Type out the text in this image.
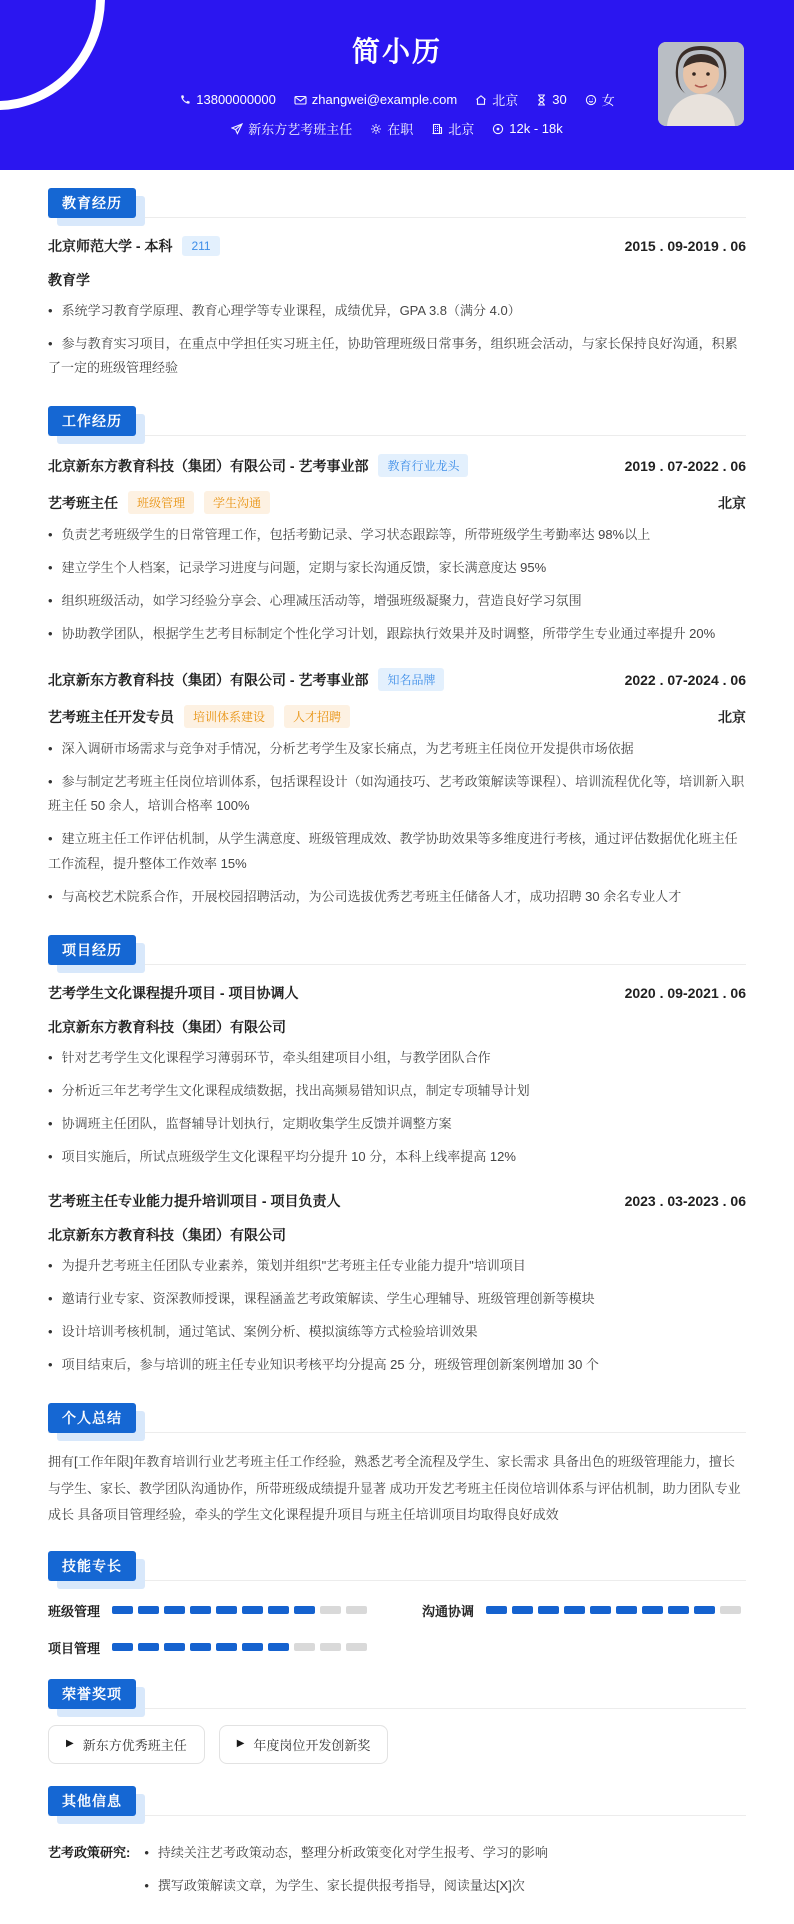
简小历
13800000000	zhangwei@example.com	北京	30	女
新东方艺考班主任	在职	北京	12k - 18k
教育经历
北京师范大学 - 本科	211	2015 . 09-2019 . 06
教育学
• 系统学习教育学原理、教育心理学等专业课程，成绩优异，GPA 3.8（满分 4.0）
• 参与教育实习项目，在重点中学担任实习班主任，协助管理班级日常事务，组织班会活动，与家长保持良好沟通，积累了一定的班级管理经验
工作经历
北京新东方教育科技（集团）有限公司 - 艺考事业部	教育行业龙头	2019 . 07-2022 . 06
艺考班主任	班级管理	学生沟通	北京
• 负责艺考班级学生的日常管理工作，包括考勤记录、学习状态跟踪等，所带班级学生考勤率达 98%以上
• 建立学生个人档案，记录学习进度与问题，定期与家长沟通反馈，家长满意度达 95%
• 组织班级活动，如学习经验分享会、心理减压活动等，增强班级凝聚力，营造良好学习氛围
• 协助教学团队，根据学生艺考目标制定个性化学习计划，跟踪执行效果并及时调整，所带学生专业通过率提升 20%
北京新东方教育科技（集团）有限公司 - 艺考事业部	知名品牌	2022 . 07-2024 . 06
艺考班主任开发专员	培训体系建设	人才招聘	北京
• 深入调研市场需求与竞争对手情况，分析艺考学生及家长痛点，为艺考班主任岗位开发提供市场依据
• 参与制定艺考班主任岗位培训体系，包括课程设计（如沟通技巧、艺考政策解读等课程）、培训流程优化等，培训新入职班主任 50 余人，培训合格率 100%
• 建立班主任工作评估机制，从学生满意度、班级管理成效、教学协助效果等多维度进行考核，通过评估数据优化班主任工作流程，提升整体工作效率 15%
• 与高校艺术院系合作，开展校园招聘活动，为公司选拔优秀艺考班主任储备人才，成功招聘 30 余名专业人才
项目经历
艺考学生文化课程提升项目 - 项目协调人	2020 . 09-2021 . 06
北京新东方教育科技（集团）有限公司
• 针对艺考学生文化课程学习薄弱环节，牵头组建项目小组，与教学团队合作
• 分析近三年艺考学生文化课程成绩数据，找出高频易错知识点，制定专项辅导计划
• 协调班主任团队，监督辅导计划执行，定期收集学生反馈并调整方案
• 项目实施后，所试点班级学生文化课程平均分提升 10 分，本科上线率提高 12%
艺考班主任专业能力提升培训项目 - 项目负责人	2023 . 03-2023 . 06
北京新东方教育科技（集团）有限公司
• 为提升艺考班主任团队专业素养，策划并组织"艺考班主任专业能力提升"培训项目
• 邀请行业专家、资深教师授课，课程涵盖艺考政策解读、学生心理辅导、班级管理创新等模块
• 设计培训考核机制，通过笔试、案例分析、模拟演练等方式检验培训效果
• 项目结束后，参与培训的班主任专业知识考核平均分提高 25 分，班级管理创新案例增加 30 个
个人总结
拥有[工作年限]年教育培训行业艺考班主任工作经验，熟悉艺考全流程及学生、家长需求 具备出色的班级管理能力，擅长与学生、家长、教学团队沟通协作，所带班级成绩提升显著 成功开发艺考班主任岗位培训体系与评估机制，助力团队专业成长 具备项目管理经验，牵头的学生文化课程提升项目与班主任培训项目均取得良好成效
技能专长
班级管理	沟通协调
项目管理
荣誉奖项
▶ 新东方优秀班主任	▶ 年度岗位开发创新奖
其他信息
艺考政策研究: • 持续关注艺考政策动态，整理分析政策变化对学生报考、学习的影响
• 撰写政策解读文章，为学生、家长提供报考指导，阅读量达[X]次
